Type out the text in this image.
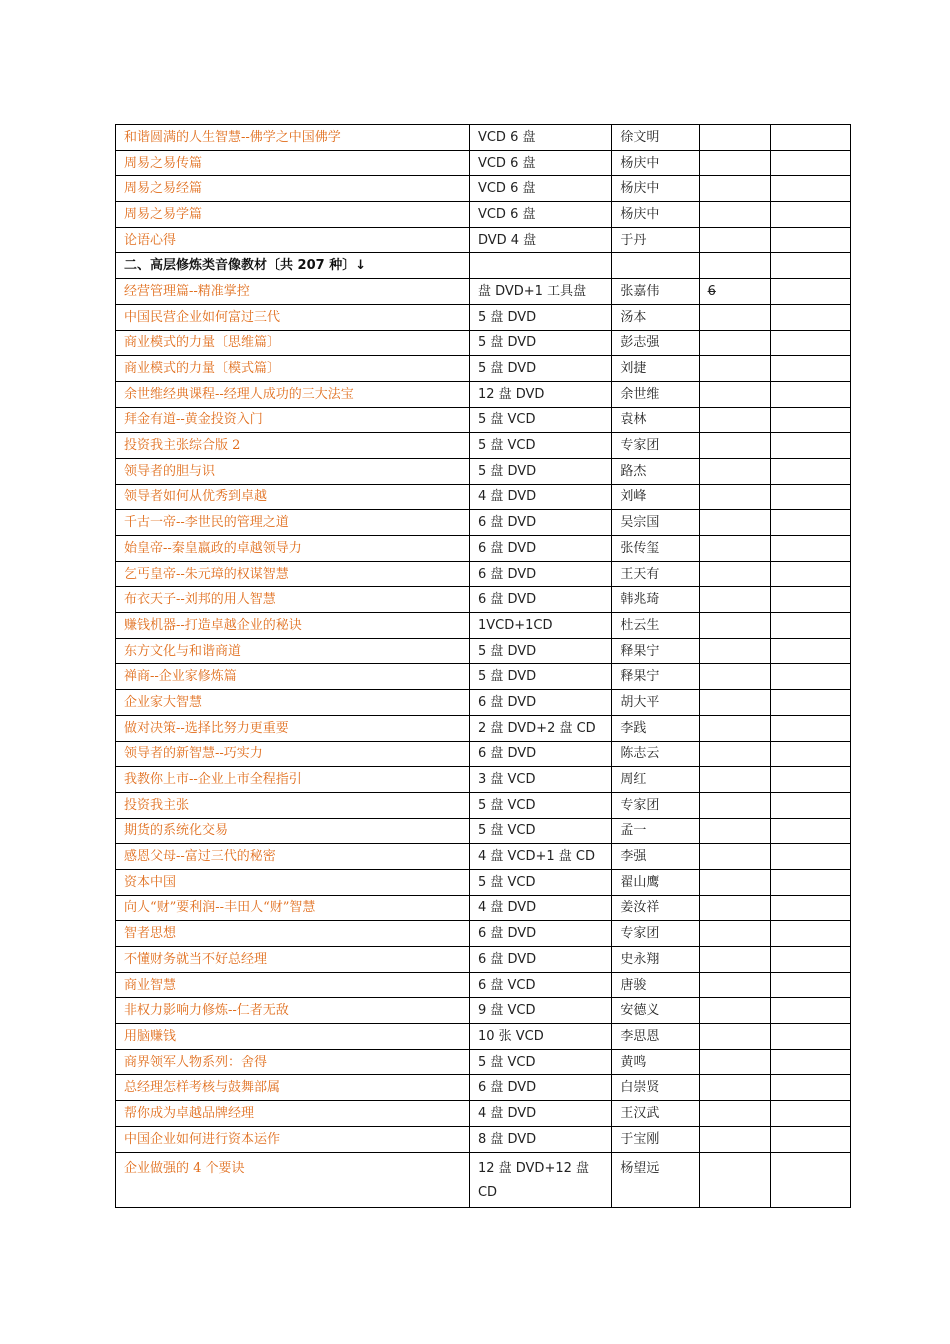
和谐圆满的人生智慧--佛学之中国佛学	VCD 6 盘	徐文明		
周易之易传篇	VCD 6 盘	杨庆中		
周易之易经篇	VCD 6 盘	杨庆中		
周易之易学篇	VCD 6 盘	杨庆中		
论语心得	DVD 4 盘	于丹		
二、高层修炼类音像教材〔共 207 种〕↓				
经营管理篇--精准掌控	盘 DVD+1 工具盘	张嘉伟	6	
中国民营企业如何富过三代	5 盘 DVD	汤本		
商业模式的力量〔思维篇〕	5 盘 DVD	彭志强		
商业模式的力量〔模式篇〕	5 盘 DVD	刘捷		
余世维经典课程--经理人成功的三大法宝	12 盘 DVD	余世维		
拜金有道--黄金投资入门	5 盘 VCD	袁林		
投资我主张综合版 2	5 盘 VCD	专家团		
领导者的胆与识	5 盘 DVD	路杰		
领导者如何从优秀到卓越	4 盘 DVD	刘峰		
千古一帝--李世民的管理之道	6 盘 DVD	吴宗国		
始皇帝--秦皇嬴政的卓越领导力	6 盘 DVD	张传玺		
乞丐皇帝--朱元璋的权谋智慧	6 盘 DVD	王天有		
布衣天子--刘邦的用人智慧	6 盘 DVD	韩兆琦		
赚钱机器--打造卓越企业的秘诀	1VCD+1CD	杜云生		
东方文化与和谐商道	5 盘 DVD	释果宁		
禅商--企业家修炼篇	5 盘 DVD	释果宁		
企业家大智慧	6 盘 DVD	胡大平		
做对决策--选择比努力更重要	2 盘 DVD+2 盘 CD	李践		
领导者的新智慧--巧实力	6 盘 DVD	陈志云		
我教你上市--企业上市全程指引	3 盘 VCD	周红		
投资我主张	5 盘 VCD	专家团		
期货的系统化交易	5 盘 VCD	孟一		
感恩父母--富过三代的秘密	4 盘 VCD+1 盘 CD	李强		
资本中国	5 盘 VCD	翟山鹰		
向人“财”要利润--丰田人“财”智慧	4 盘 DVD	姜汝祥		
智者思想	6 盘 DVD	专家团		
不懂财务就当不好总经理	6 盘 DVD	史永翔		
商业智慧	6 盘 VCD	唐骏		
非权力影响力修炼--仁者无敌	9 盘 VCD	安德义		
用脑赚钱	10 张 VCD	李思恩		
商界领军人物系列：舍得	5 盘 VCD	黄鸣		
总经理怎样考核与鼓舞部属	6 盘 DVD	白崇贤		
帮你成为卓越品牌经理	4 盘 DVD	王汉武		
中国企业如何进行资本运作	8 盘 DVD	于宝刚		
企业做强的 4 个要诀	12 盘 DVD+12 盘 CD	杨望远		
